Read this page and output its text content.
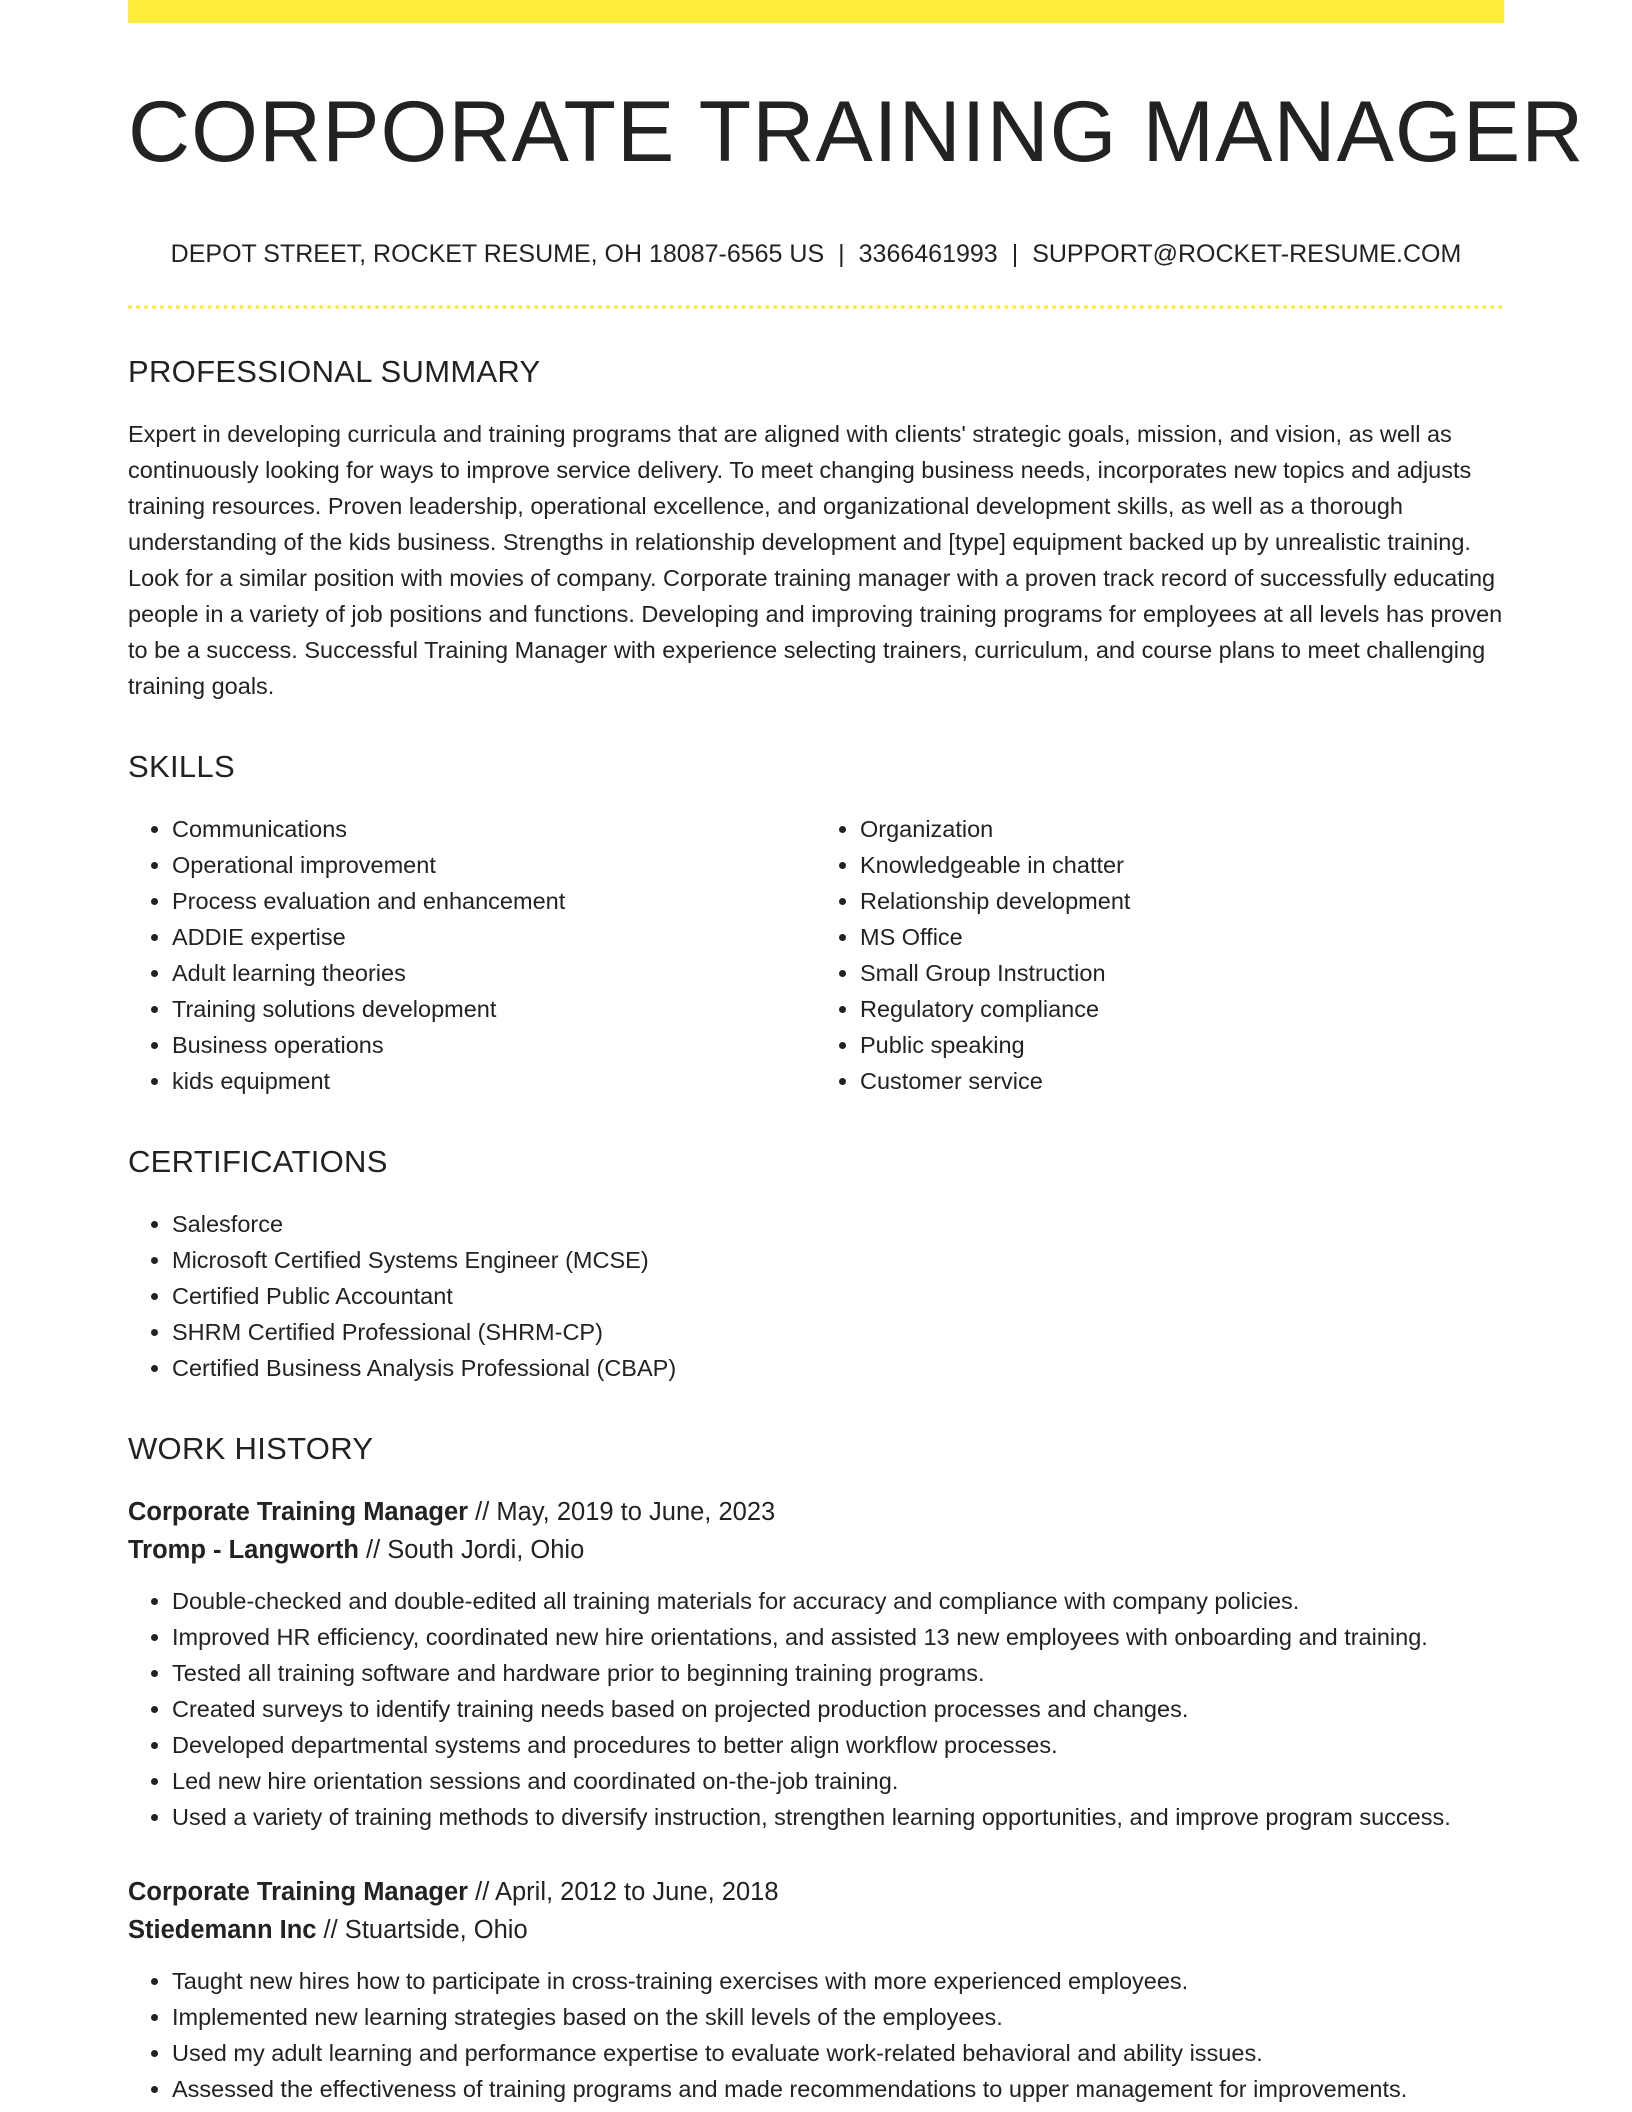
CORPORATE TRAINING MANAGER
DEPOT STREET, ROCKET RESUME, OH 18087-6565 US | 3366461993 | SUPPORT@ROCKET-RESUME.COM
PROFESSIONAL SUMMARY
Expert in developing curricula and training programs that are aligned with clients' strategic goals, mission, and vision, as well as continuously looking for ways to improve service delivery. To meet changing business needs, incorporates new topics and adjusts training resources. Proven leadership, operational excellence, and organizational development skills, as well as a thorough understanding of the kids business. Strengths in relationship development and [type] equipment backed up by unrealistic training. Look for a similar position with movies of company. Corporate training manager with a proven track record of successfully educating people in a variety of job positions and functions. Developing and improving training programs for employees at all levels has proven to be a success. Successful Training Manager with experience selecting trainers, curriculum, and course plans to meet challenging training goals.
SKILLS
• Communications
• Operational improvement
• Process evaluation and enhancement
• ADDIE expertise
• Adult learning theories
• Training solutions development
• Business operations
• kids equipment
• Organization
• Knowledgeable in chatter
• Relationship development
• MS Office
• Small Group Instruction
• Regulatory compliance
• Public speaking
• Customer service
CERTIFICATIONS
• Salesforce
• Microsoft Certified Systems Engineer (MCSE)
• Certified Public Accountant
• SHRM Certified Professional (SHRM-CP)
• Certified Business Analysis Professional (CBAP)
WORK HISTORY
Corporate Training Manager // May, 2019 to June, 2023
Tromp - Langworth // South Jordi, Ohio
• Double-checked and double-edited all training materials for accuracy and compliance with company policies.
• Improved HR efficiency, coordinated new hire orientations, and assisted 13 new employees with onboarding and training.
• Tested all training software and hardware prior to beginning training programs.
• Created surveys to identify training needs based on projected production processes and changes.
• Developed departmental systems and procedures to better align workflow processes.
• Led new hire orientation sessions and coordinated on-the-job training.
• Used a variety of training methods to diversify instruction, strengthen learning opportunities, and improve program success.
Corporate Training Manager // April, 2012 to June, 2018
Stiedemann Inc // Stuartside, Ohio
• Taught new hires how to participate in cross-training exercises with more experienced employees.
• Implemented new learning strategies based on the skill levels of the employees.
• Used my adult learning and performance expertise to evaluate work-related behavioral and ability issues.
• Assessed the effectiveness of training programs and made recommendations to upper management for improvements.
